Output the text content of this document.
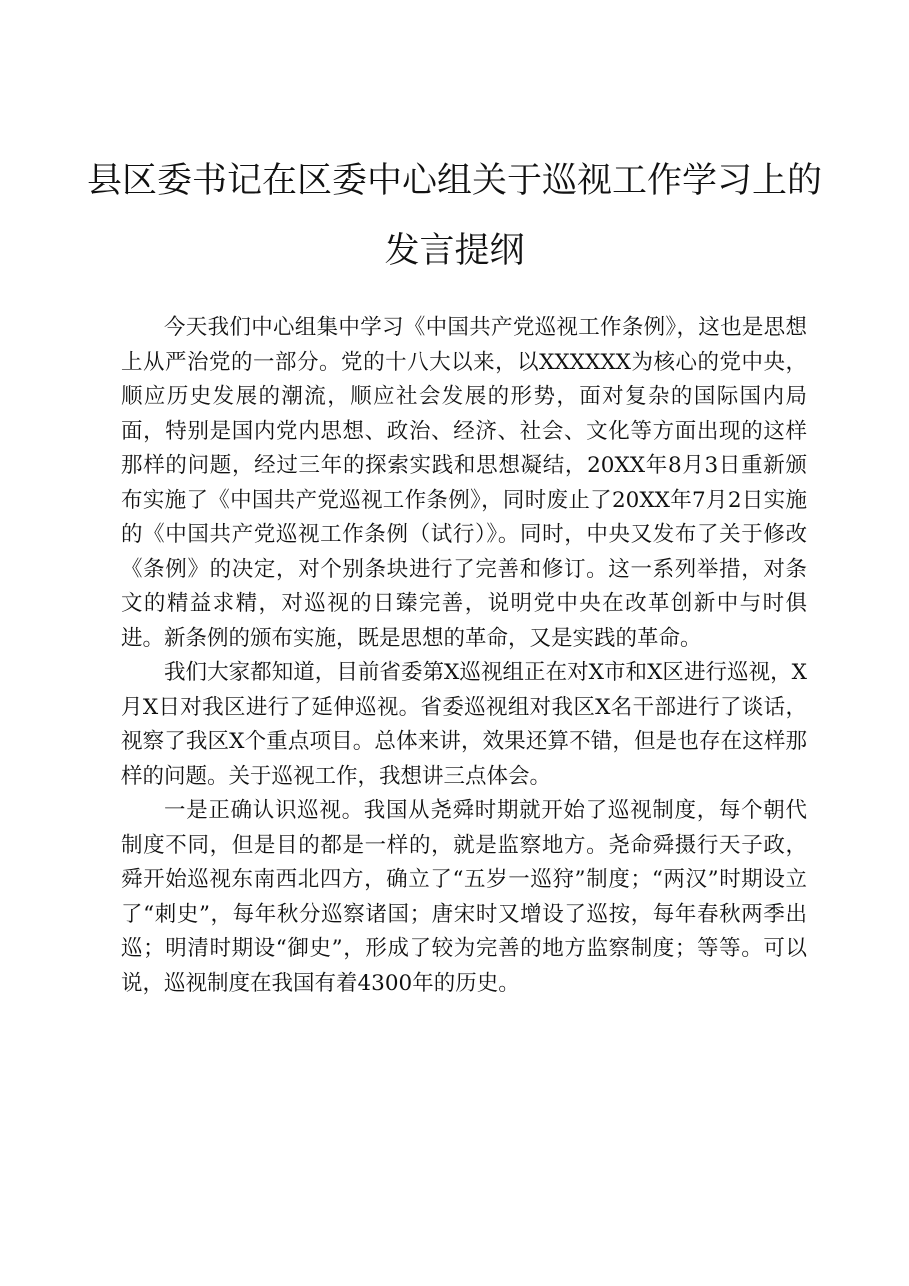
县区委书记在区委中心组关于巡视工作学习上的发言提纲

今天我们中心组集中学习《中国共产党巡视工作条例》，这也是思想上从严治党的一部分。党的十八大以来，以XXXXXX为核心的党中央，顺应历史发展的潮流，顺应社会发展的形势，面对复杂的国际国内局面，特别是国内党内思想、政治、经济、社会、文化等方面出现的这样那样的问题，经过三年的探索实践和思想凝结，20XX年8月3日重新颁布实施了《中国共产党巡视工作条例》，同时废止了20XX年7月2日实施的《中国共产党巡视工作条例（试行）》。同时，中央又发布了关于修改《条例》的决定，对个别条块进行了完善和修订。这一系列举措，对条文的精益求精，对巡视的日臻完善，说明党中央在改革创新中与时俱进。新条例的颁布实施，既是思想的革命，又是实践的革命。

我们大家都知道，目前省委第X巡视组正在对X市和X区进行巡视，X月X日对我区进行了延伸巡视。省委巡视组对我区X名干部进行了谈话，视察了我区X个重点项目。总体来讲，效果还算不错，但是也存在这样那样的问题。关于巡视工作，我想讲三点体会。

一是正确认识巡视。我国从尧舜时期就开始了巡视制度，每个朝代制度不同，但是目的都是一样的，就是监察地方。尧命舜摄行天子政，舜开始巡视东南西北四方，确立了“五岁一巡狩”制度；“两汉”时期设立了“刺史”，每年秋分巡察诸国；唐宋时又增设了巡按，每年春秋两季出巡；明清时期设“御史”，形成了较为完善的地方监察制度；等等。可以说，巡视制度在我国有着4300年的历史。
